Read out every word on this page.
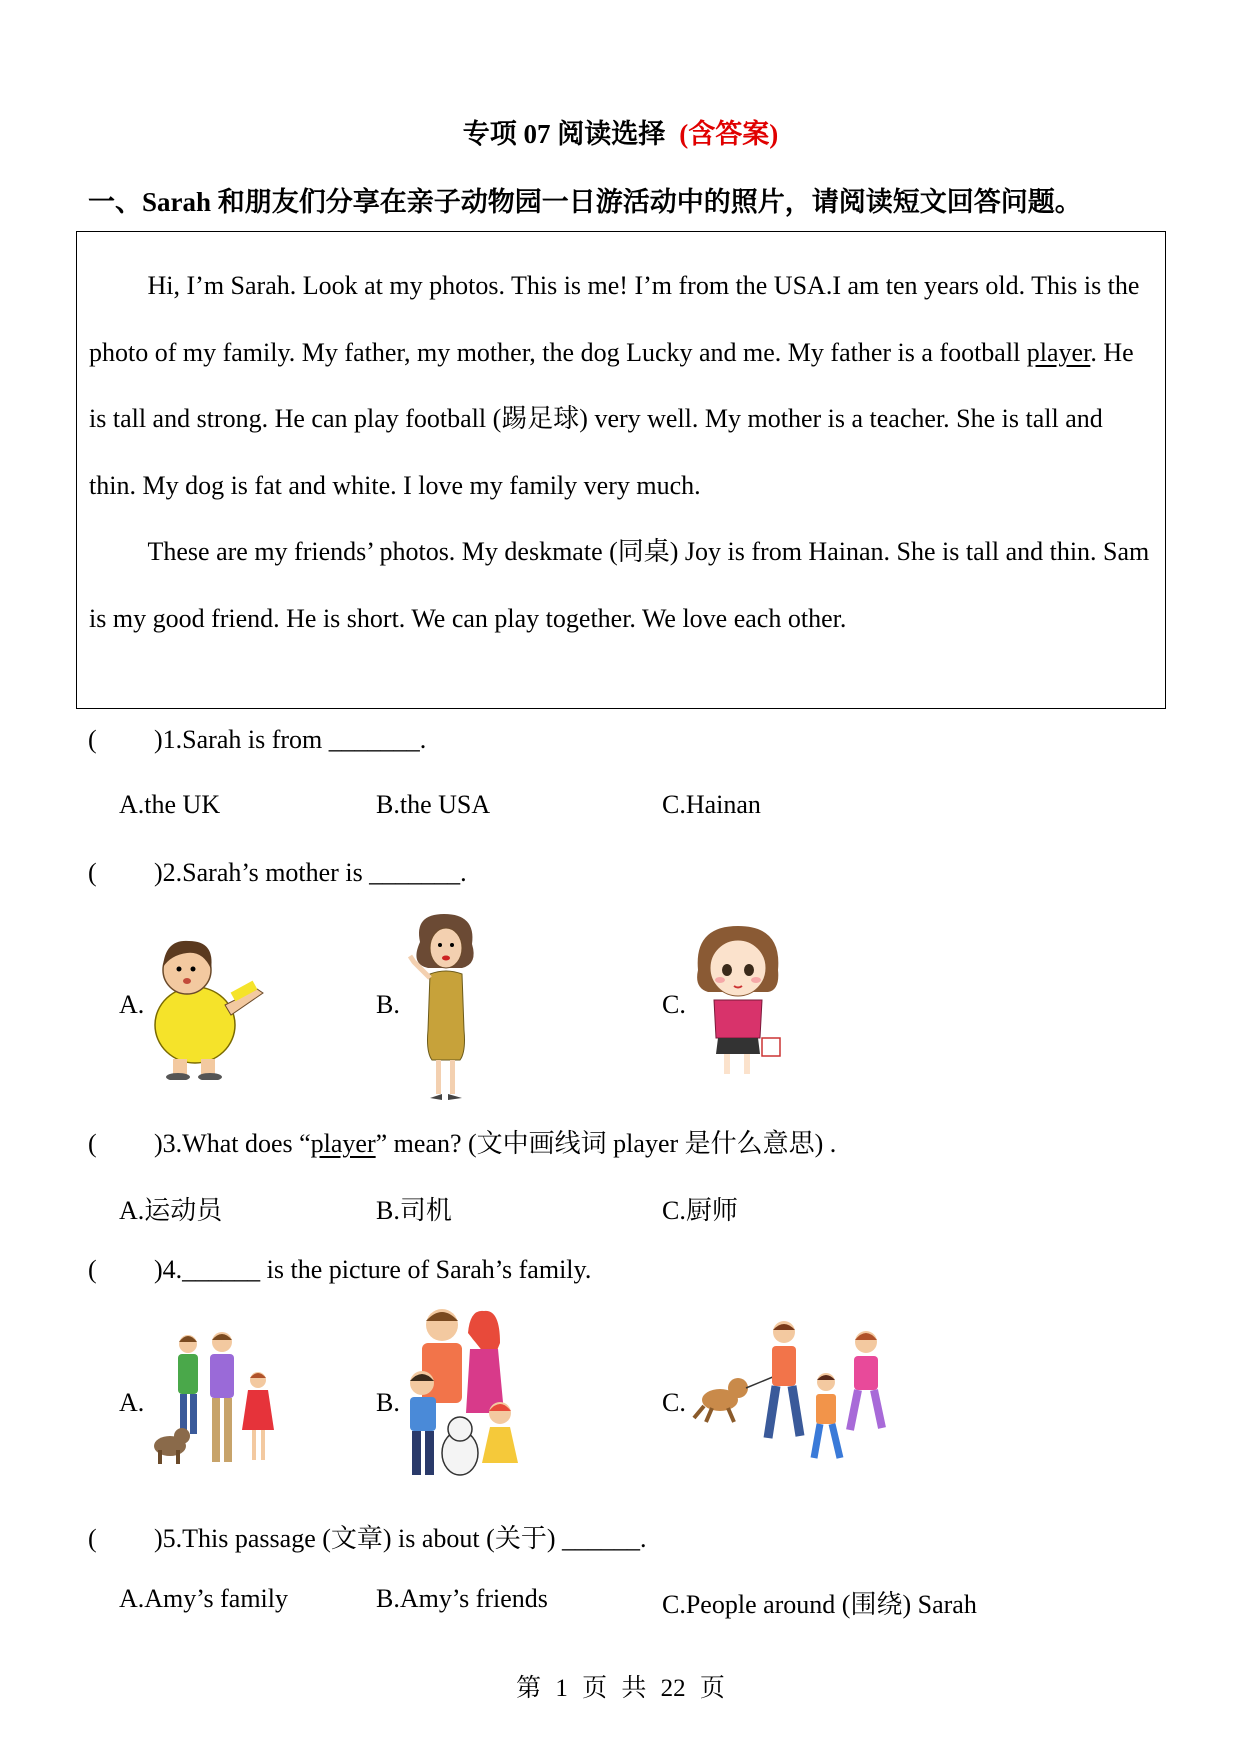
专项 07 阅读选择 (含答案)
一、Sarah 和朋友们分享在亲子动物园一日游活动中的照片，请阅读短文回答问题。

Hi, I’m Sarah. Look at my photos. This is me! I’m from the USA.I am ten years old. This is the photo of my family. My father, my mother, the dog Lucky and me. My father is a football player. He is tall and strong. He can play football (踢足球) very well. My mother is a teacher. She is tall and thin. My dog is fat and white. I love my family very much.

These are my friends’ photos. My deskmate (同桌) Joy is from Hainan. She is tall and thin. Sam is my good friend. He is short. We can play together. We love each other.

( )1.Sarah is from _______.
A.the UK	B.the USA	C.Hainan
( )2.Sarah’s mother is _______.
A.	B.	C.
( )3.What does “player” mean? (文中画线词 player 是什么意思) .
A.运动员	B.司机	C.厨师
( )4.______ is the picture of Sarah’s family.
A.	B.	C.
( )5.This passage (文章) is about (关于) ______.
A.Amy’s family	B.Amy’s friends	C.People around (围绕) Sarah
第 1 页 共 22 页
